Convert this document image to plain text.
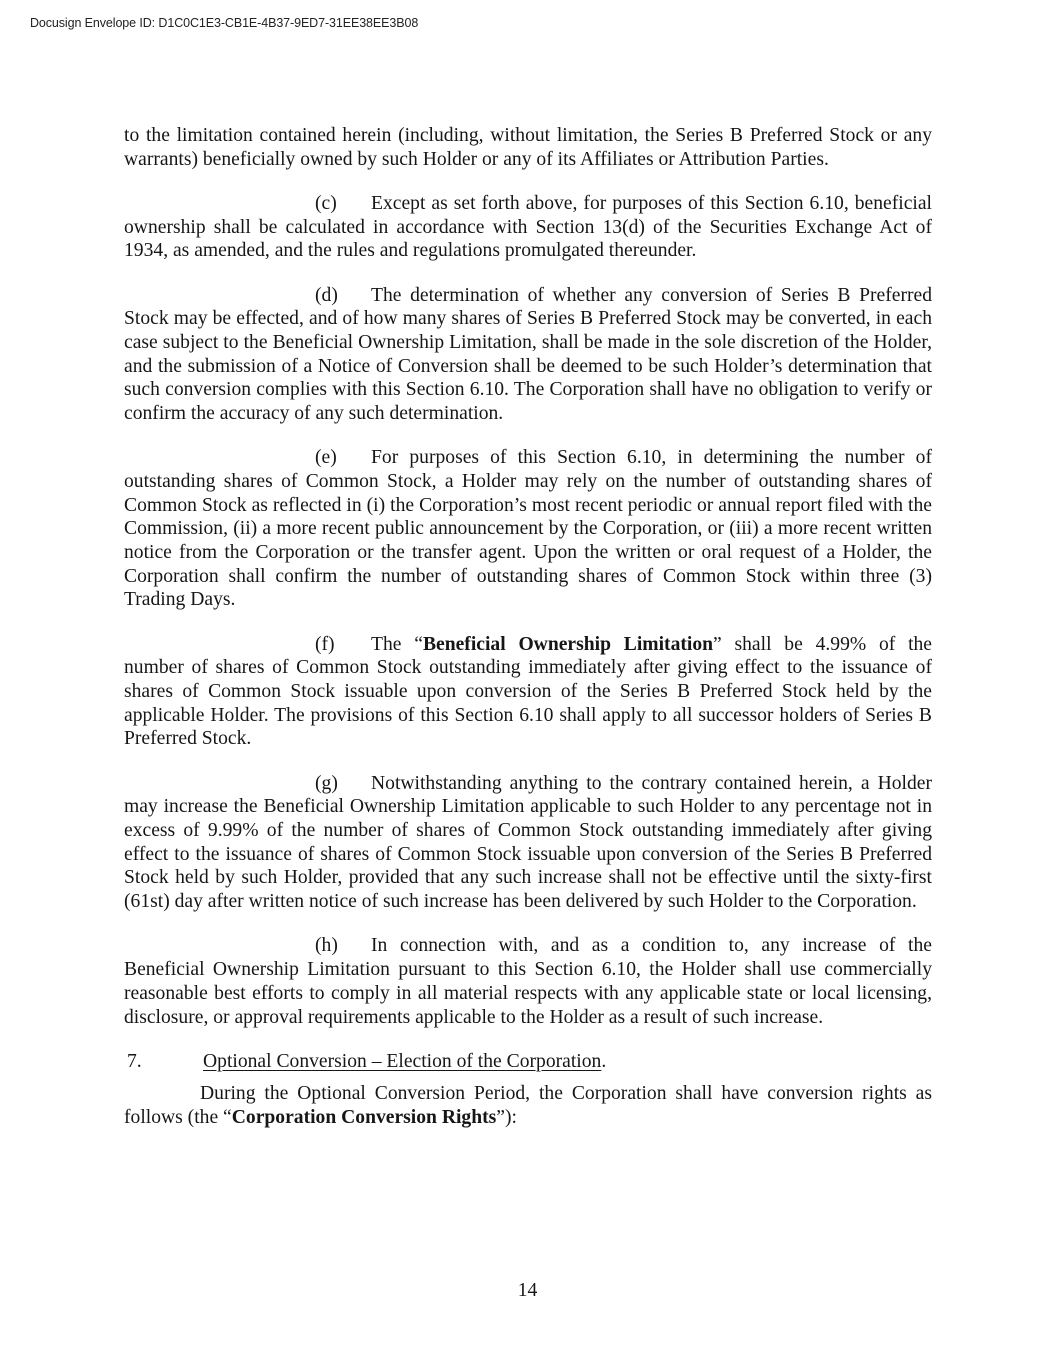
Docusign Envelope ID: D1C0C1E3-CB1E-4B37-9ED7-31EE38EE3B08

to the limitation contained herein (including, without limitation, the Series B Preferred Stock or any warrants) beneficially owned by such Holder or any of its Affiliates or Attribution Parties.

(c) Except as set forth above, for purposes of this Section 6.10, beneficial ownership shall be calculated in accordance with Section 13(d) of the Securities Exchange Act of 1934, as amended, and the rules and regulations promulgated thereunder.

(d) The determination of whether any conversion of Series B Preferred Stock may be effected, and of how many shares of Series B Preferred Stock may be converted, in each case subject to the Beneficial Ownership Limitation, shall be made in the sole discretion of the Holder, and the submission of a Notice of Conversion shall be deemed to be such Holder’s determination that such conversion complies with this Section 6.10. The Corporation shall have no obligation to verify or confirm the accuracy of any such determination.

(e) For purposes of this Section 6.10, in determining the number of outstanding shares of Common Stock, a Holder may rely on the number of outstanding shares of Common Stock as reflected in (i) the Corporation’s most recent periodic or annual report filed with the Commission, (ii) a more recent public announcement by the Corporation, or (iii) a more recent written notice from the Corporation or the transfer agent. Upon the written or oral request of a Holder, the Corporation shall confirm the number of outstanding shares of Common Stock within three (3) Trading Days.

(f) The “Beneficial Ownership Limitation” shall be 4.99% of the number of shares of Common Stock outstanding immediately after giving effect to the issuance of shares of Common Stock issuable upon conversion of the Series B Preferred Stock held by the applicable Holder. The provisions of this Section 6.10 shall apply to all successor holders of Series B Preferred Stock.

(g) Notwithstanding anything to the contrary contained herein, a Holder may increase the Beneficial Ownership Limitation applicable to such Holder to any percentage not in excess of 9.99% of the number of shares of Common Stock outstanding immediately after giving effect to the issuance of shares of Common Stock issuable upon conversion of the Series B Preferred Stock held by such Holder, provided that any such increase shall not be effective until the sixty-first (61st) day after written notice of such increase has been delivered by such Holder to the Corporation.

(h) In connection with, and as a condition to, any increase of the Beneficial Ownership Limitation pursuant to this Section 6.10, the Holder shall use commercially reasonable best efforts to comply in all material respects with any applicable state or local licensing, disclosure, or approval requirements applicable to the Holder as a result of such increase.

7.	Optional Conversion – Election of the Corporation.

During the Optional Conversion Period, the Corporation shall have conversion rights as follows (the “Corporation Conversion Rights”):

14
